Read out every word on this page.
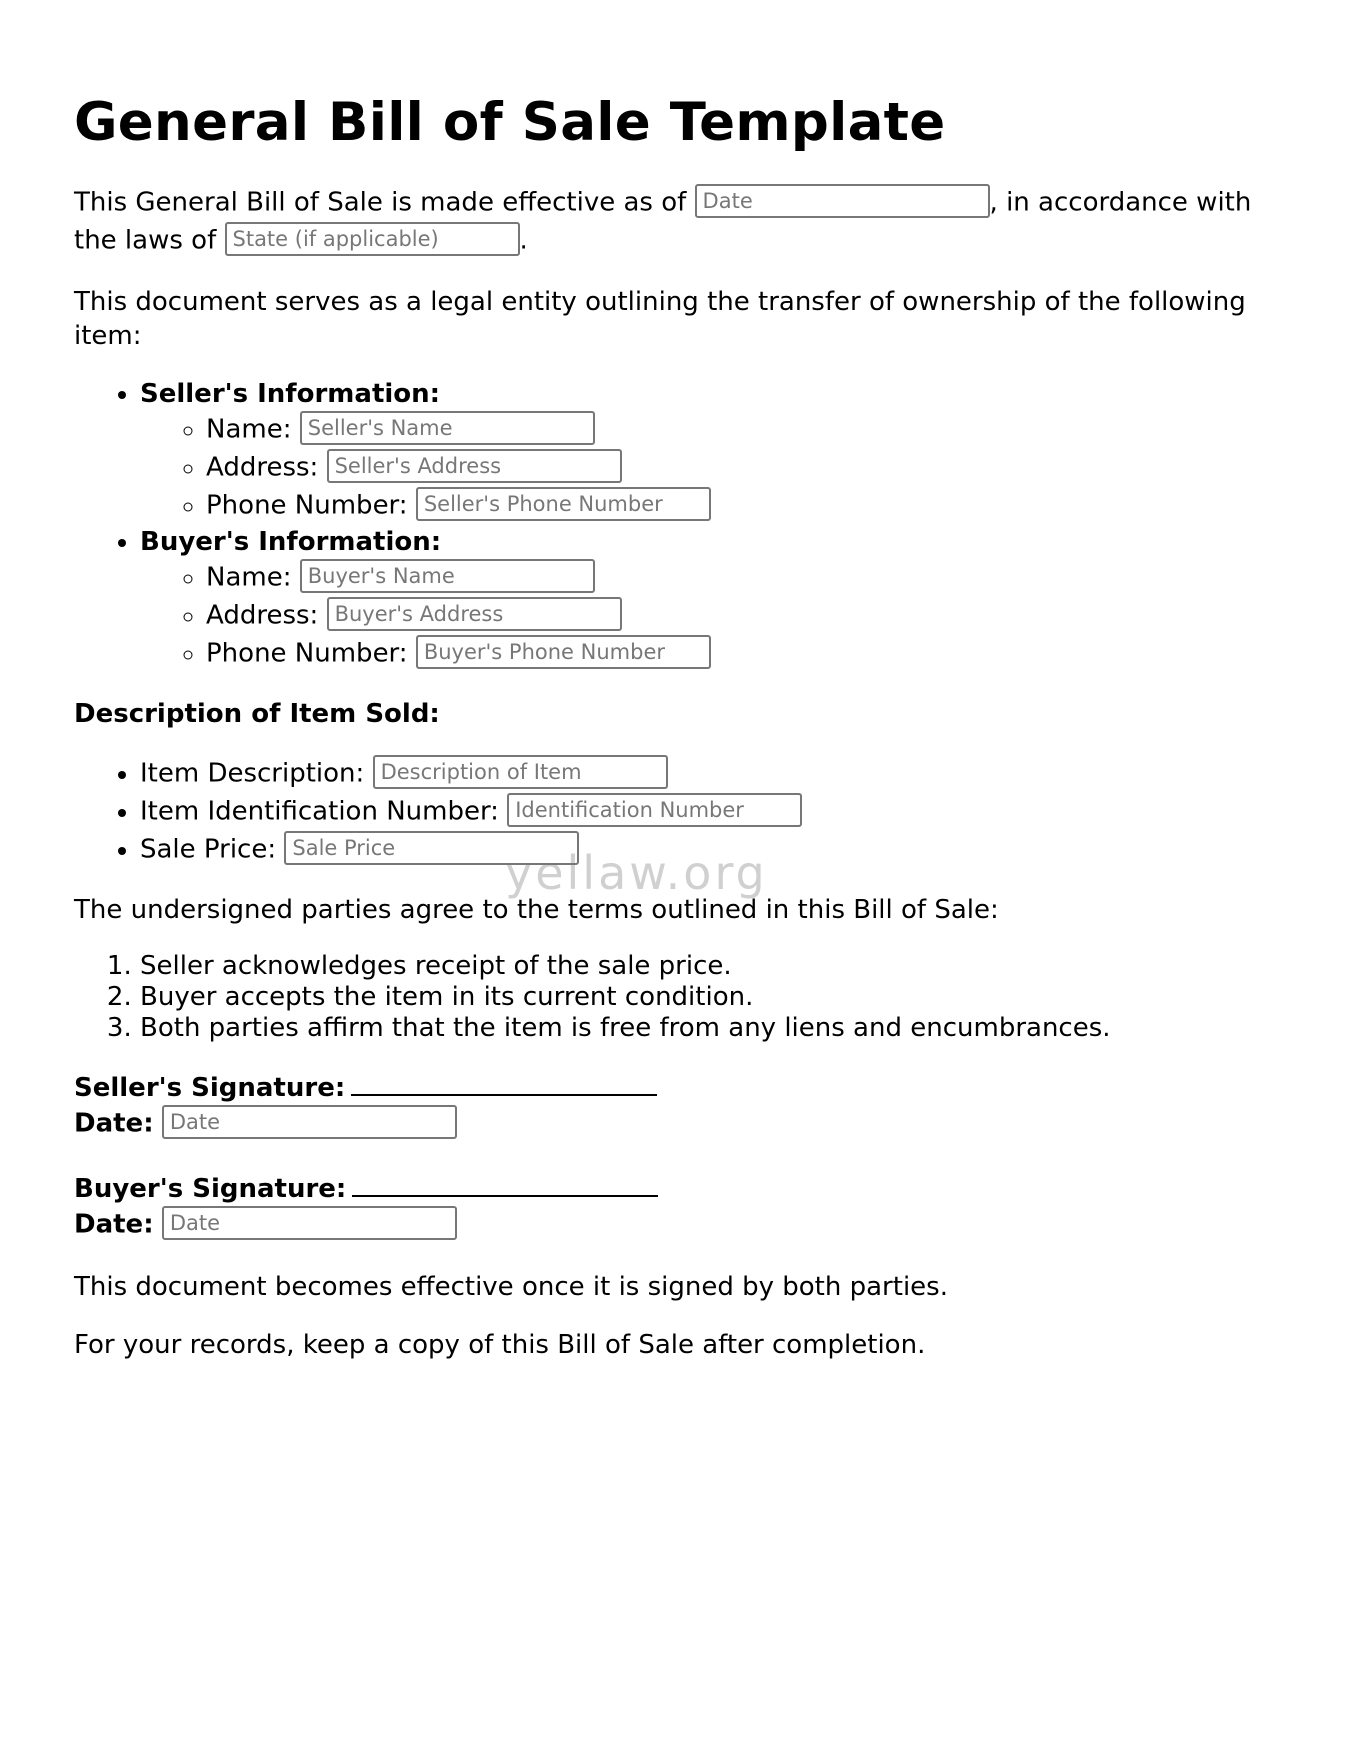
General Bill of Sale Template

This General Bill of Sale is made effective as of Date	, in accordance with the laws of State (if applicable)	.

This document serves as a legal entity outlining the transfer of ownership of the following item:

• Seller's Information:
◦ Name: Seller's Name
◦ Address: Seller's Address
◦ Phone Number: Seller's Phone Number
• Buyer's Information:
◦ Name: Buyer's Name
◦ Address: Buyer's Address
◦ Phone Number: Buyer's Phone Number

Description of Item Sold:

• Item Description: Description of Item
• Item Identification Number: Identification Number
• Sale Price: Sale Price

The undersigned parties agree to the terms outlined in this Bill of Sale:

1. Seller acknowledges receipt of the sale price.
2. Buyer accepts the item in its current condition.
3. Both parties affirm that the item is free from any liens and encumbrances.
Seller's Signature:
Date: Date
Buyer's Signature:
Date: Date

This document becomes effective once it is signed by both parties.

For your records, keep a copy of this Bill of Sale after completion.

yellaw.org
